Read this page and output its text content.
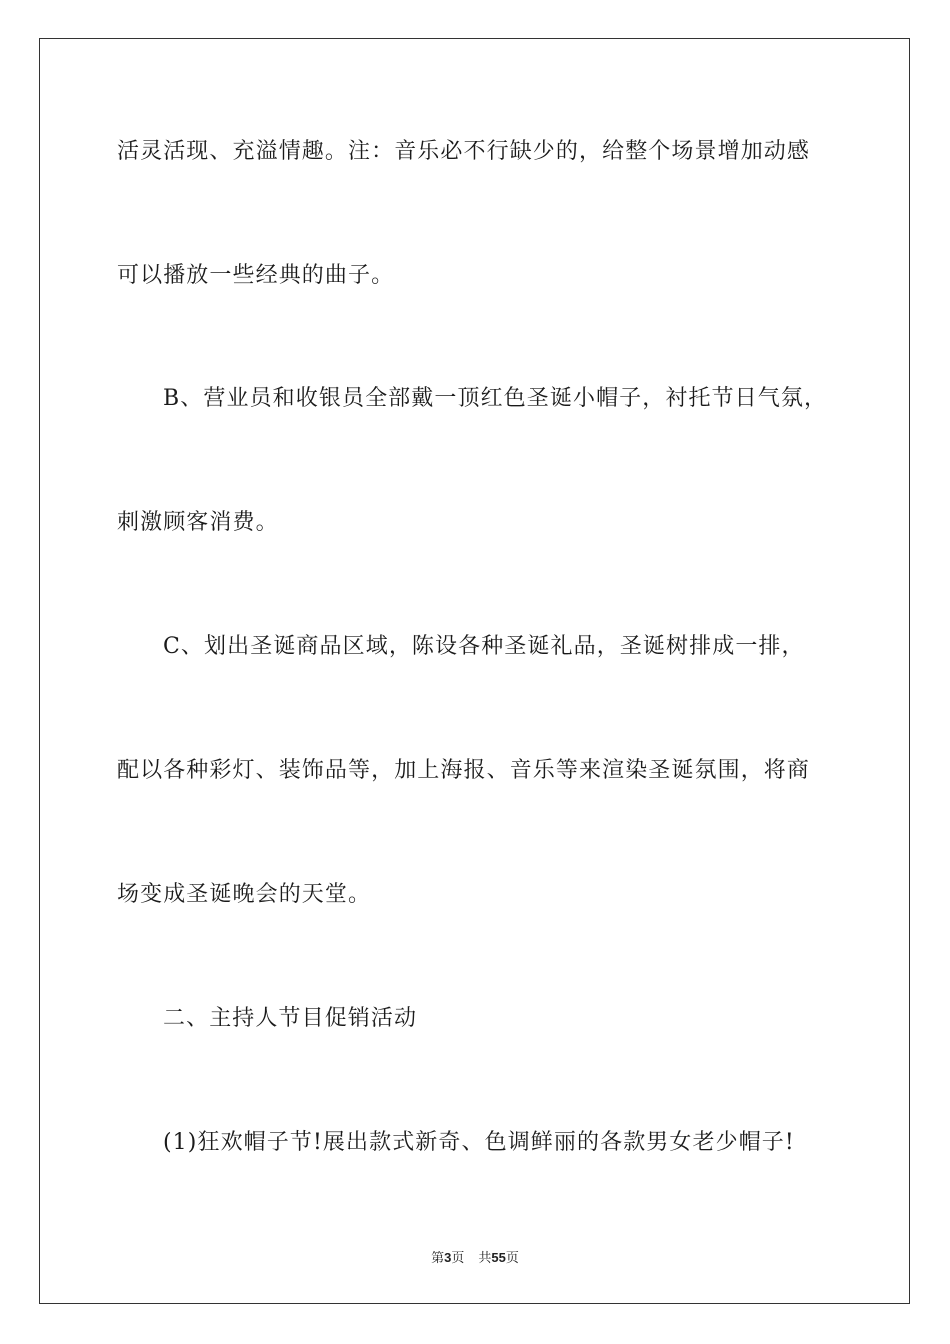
活灵活现、充溢情趣。注：音乐必不行缺少的，给整个场景增加动感
可以播放一些经典的曲子。
B、营业员和收银员全部戴一顶红色圣诞小帽子，衬托节日气氛，
刺激顾客消费。
C、划出圣诞商品区域，陈设各种圣诞礼品，圣诞树排成一排，
配以各种彩灯、装饰品等，加上海报、音乐等来渲染圣诞氛围，将商
场变成圣诞晚会的天堂。
二、主持人节目促销活动
(1)狂欢帽子节!展出款式新奇、色调鲜丽的各款男女老少帽子!
第3页 共55页
